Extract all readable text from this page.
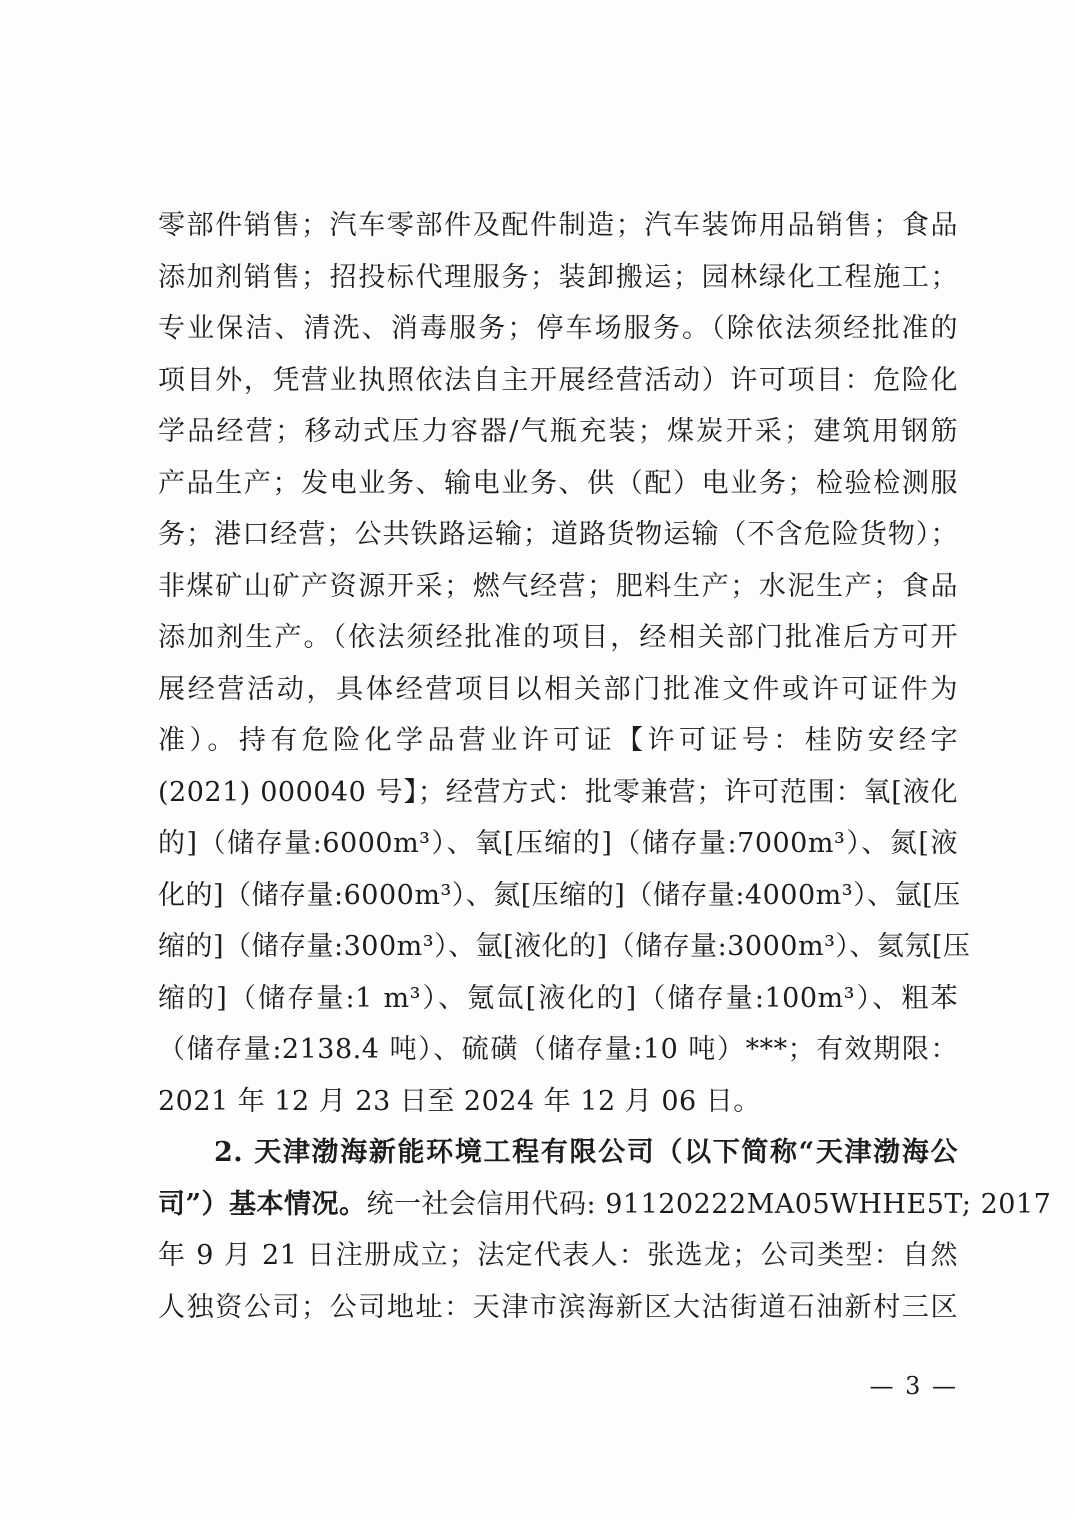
零部件销售；汽车零部件及配件制造；汽车装饰用品销售；食品
添加剂销售；招投标代理服务；装卸搬运；园林绿化工程施工；
专业保洁、清洗、消毒服务；停车场服务。（除依法须经批准的
项目外，凭营业执照依法自主开展经营活动）许可项目：危险化
学品经营；移动式压力容器/气瓶充装；煤炭开采；建筑用钢筋
产品生产；发电业务、输电业务、供（配）电业务；检验检测服
务；港口经营；公共铁路运输；道路货物运输（不含危险货物）；
非煤矿山矿产资源开采；燃气经营；肥料生产；水泥生产；食品
添加剂生产。（依法须经批准的项目，经相关部门批准后方可开
展经营活动，具体经营项目以相关部门批准文件或许可证件为
准）。持有危险化学品营业许可证【许可证号：桂防安经字
(2021) 000040 号】；经营方式：批零兼营；许可范围：氧[液化
的]（储存量:6000m³）、氧[压缩的]（储存量:7000m³）、氮[液
化的]（储存量:6000m³）、氮[压缩的]（储存量:4000m³）、氩[压
缩的]（储存量:300m³）、氩[液化的]（储存量:3000m³）、氦氖[压
缩的]（储存量:1 m³）、氪氙[液化的]（储存量:100m³）、粗苯
（储存量:2138.4 吨）、硫磺（储存量:10 吨）***；有效期限：
2021 年 12 月 23 日至 2024 年 12 月 06 日。
2. 天津渤海新能环境工程有限公司（以下简称“天津渤海公
司”）基本情况。统一社会信用代码: 91120222MA05WHHE5T; 2017
年 9 月 21 日注册成立；法定代表人：张选龙；公司类型：自然
人独资公司；公司地址：天津市滨海新区大沽街道石油新村三区
— 3 —
